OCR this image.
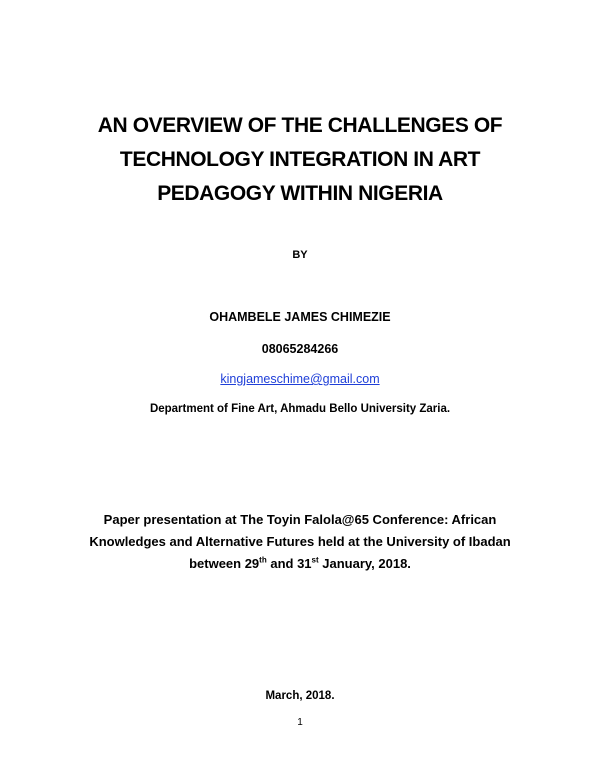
AN OVERVIEW OF THE CHALLENGES OF
TECHNOLOGY INTEGRATION IN ART
PEDAGOGY WITHIN NIGERIA
BY
OHAMBELE JAMES CHIMEZIE
08065284266
kingjameschime@gmail.com
Department of Fine Art, Ahmadu Bello University Zaria.
Paper presentation at The Toyin Falola@65 Conference: African
Knowledges and Alternative Futures held at the University of Ibadan
between 29th and 31st January, 2018.
March, 2018.
1
